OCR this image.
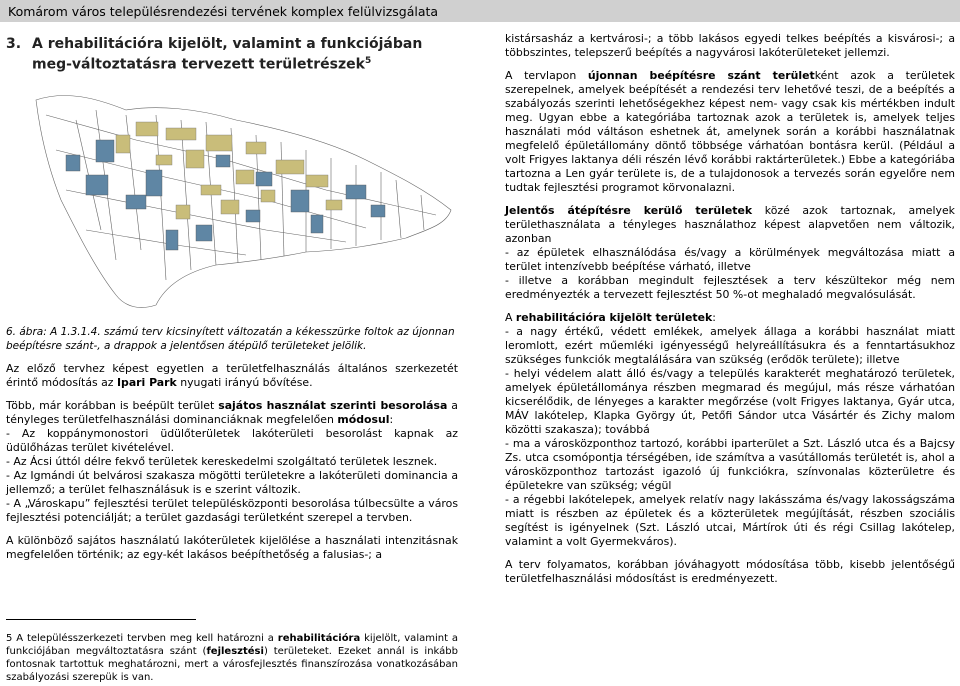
Komárom város településrendezési tervének komplex felülvizsgálata
3. A rehabilitációra kijelölt, valamint a funkciójában meg-változtatásra tervezett területrészek$^5$
6. ábra: A 1.3.1.4. számú terv kicsinyített változatán a kékesszürke foltok az újonnan beépítésre szánt-, a drappok a jelentősen átépülő területeket jelölik.

Az előző tervhez képest egyetlen a területfelhasználás általános szerkezetét érintő módosítás az Ipari Park nyugati irányú bővítése.

Több, már korábban is beépült terület sajátos használat szerinti besorolása a tényleges területfelhasználási dominanciáknak megfelelően módosul:

- Az koppánymonostori üdülőterületek lakóterületi besorolást kapnak az üdülőházas terület kivételével.

- Az Ácsi úttól délre fekvő területek kereskedelmi szolgáltató területek lesznek.

- Az Igmándi út belvárosi szakasza mögötti területekre a lakóterületi dominancia a jellemző; a terület felhasználásuk is e szerint változik.

- A „Városkapu” fejlesztési terület településközponti besorolása túlbecsülte a város fejlesztési potenciálját; a terület gazdasági területként szerepel a tervben.

A különböző sajátos használatú lakóterületek kijelölése a használati intenzitásnak megfelelően történik; az egy-két lakásos beépíthetőség a falusias-; a

5 A településszerkezeti tervben meg kell határozni a rehabilitációra kijelölt, valamint a funkciójában megváltoztatásra szánt (fejlesztési) területeket. Ezeket annál is inkább fontosnak tartottuk meghatározni, mert a városfejlesztés finanszírozása vonatkozásában szabályozási szerepük is van.

kistársasház a kertvárosi-; a több lakásos egyedi telkes beépítés a kisvárosi-; a többszintes, telepszerű beépítés a nagyvárosi lakóterületeket jellemzi.

A tervlapon újonnan beépítésre szánt területként azok a területek szerepelnek, amelyek beépítését a rendezési terv lehetővé teszi, de a beépítés a szabályozás szerinti lehetőségekhez képest nem- vagy csak kis mértékben indult meg. Ugyan ebbe a kategóriába tartoznak azok a területek is, amelyek teljes használati mód váltáson eshetnek át, amelynek során a korábbi használatnak megfelelő épületállomány döntő többsége várhatóan bontásra kerül. (Például a volt Frigyes laktanya déli részén lévő korábbi raktárterületek.) Ebbe a kategóriába tartozna a Len gyár területe is, de a tulajdonosok a tervezés során egyelőre nem tudtak fejlesztési programot körvonalazni.

Jelentős átépítésre kerülő területek közé azok tartoznak, amelyek területhasználata a tényleges használathoz képest alapvetően nem változik, azonban

- az épületek elhasználódása és/vagy a körülmények megváltozása miatt a terület intenzívebb beépítése várható, illetve

- illetve a korábban megindult fejlesztések a terv készültekor még nem eredményezték a tervezett fejlesztést 50 %-ot meghaladó megvalósulását.

A rehabilitációra kijelölt területek:

- a nagy értékű, védett emlékek, amelyek állaga a korábbi használat miatt leromlott, ezért műemléki igényességű helyreállításukra és a fenntartásukhoz szükséges funkciók megtalálására van szükség (erődök területe); illetve

- helyi védelem alatt álló és/vagy a település karakterét meghatározó területek, amelyek épületállománya részben megmarad és megújul, más része várhatóan kicserélődik, de lényeges a karakter megőrzése (volt Frigyes laktanya, Gyár utca, MÁV lakótelep, Klapka György út, Petőfi Sándor utca Vásártér és Zichy malom közötti szakasza); továbbá

- ma a városközponthoz tartozó, korábbi iparterület a Szt. László utca és a Bajcsy Zs. utca csomópontja térségében, ide számítva a vasútállomás területét is, ahol a városközponthoz tartozást igazoló új funkciókra, színvonalas közterületre és épületekre van szükség; végül

- a régebbi lakótelepek, amelyek relatív nagy lakásszáma és/vagy lakosságszáma miatt is részben az épületek és a közterületek megújítását, részben szociális segítést is igényelnek (Szt. László utcai, Mártírok úti és régi Csillag lakótelep, valamint a volt Gyermekváros).

A terv folyamatos, korábban jóváhagyott módosítása több, kisebb jelentőségű területfelhasználási módosítást is eredményezett.
